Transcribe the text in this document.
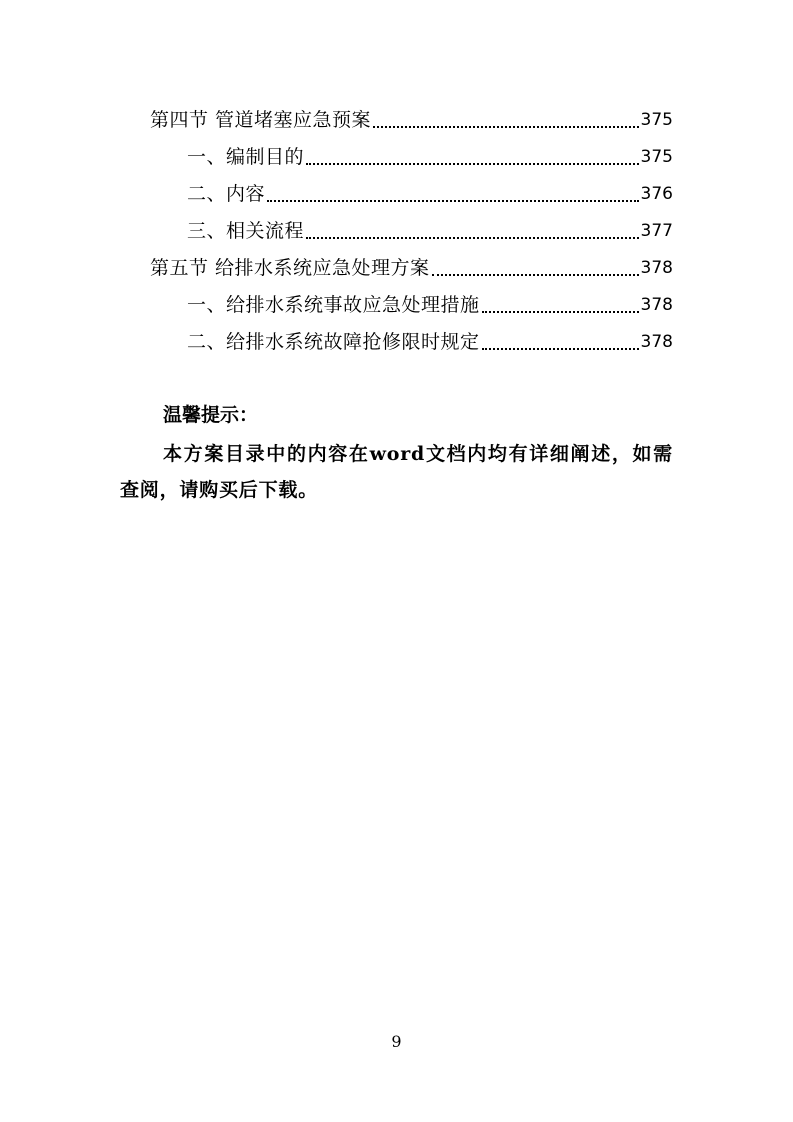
第四节 管道堵塞应急预案	375
一、编制目的	375
二、内容	376
三、相关流程	377
第五节 给排水系统应急处理方案	378
一、给排水系统事故应急处理措施	378
二、给排水系统故障抢修限时规定	378
温馨提示：
本方案目录中的内容在word文档内均有详细阐述，如需查阅，请购买后下载。
9
